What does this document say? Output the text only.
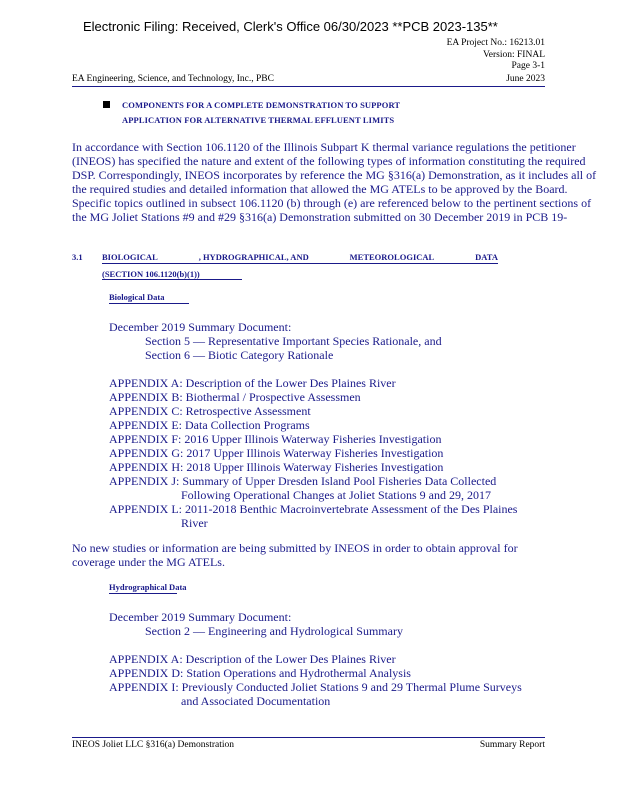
Electronic Filing: Received, Clerk's Office 06/30/2023 **PCB 2023-135**
EA Project No.: 16213.01
Version: FINAL
Page 3-1
EA Engineering, Science, and Technology, Inc., PBC	June 2023
COMPONENTS FOR A COMPLETE DEMONSTRATION TO SUPPORT
APPLICATION FOR ALTERNATIVE THERMAL EFFLUENT LIMITS

In accordance with Section 106.1120 of the Illinois Subpart K thermal variance regulations the petitioner (INEOS) has specified the nature and extent of the following types of information constituting the required DSP. Correspondingly, INEOS incorporates by reference the MG §316(a) Demonstration, as it includes all of the required studies and detailed information that allowed the MG ATELs to be approved by the Board. Specific topics outlined in subsect 106.1120 (b) through (e) are referenced below to the pertinent sections of the MG Joliet Stations #9 and #29 §316(a) Demonstration submitted on 30 December 2019 in PCB 19-

3.1 BIOLOGICAL	, HYDROGRAPHICAL, AND	METEOROLOGICAL	DATA
(SECTION 106.1120(b)(1))
Biological Data
December 2019 Summary Document:
Section 5 — Representative Important Species Rationale, and
Section 6 — Biotic Category Rationale
APPENDIX A: Description of the Lower Des Plaines River
APPENDIX B: Biothermal / Prospective Assessmen
APPENDIX C: Retrospective Assessment
APPENDIX E: Data Collection Programs
APPENDIX F: 2016 Upper Illinois Waterway Fisheries Investigation
APPENDIX G: 2017 Upper Illinois Waterway Fisheries Investigation
APPENDIX H: 2018 Upper Illinois Waterway Fisheries Investigation
APPENDIX J: Summary of Upper Dresden Island Pool Fisheries Data Collected
Following Operational Changes at Joliet Stations 9 and 29, 2017
APPENDIX L: 2011-2018 Benthic Macroinvertebrate Assessment of the Des Plaines
River
No new studies or information are being submitted by INEOS in order to obtain approval for coverage under the MG ATELs.
Hydrographical Data
December 2019 Summary Document:
Section 2 — Engineering and Hydrological Summary
APPENDIX A: Description of the Lower Des Plaines River
APPENDIX D: Station Operations and Hydrothermal Analysis
APPENDIX I: Previously Conducted Joliet Stations 9 and 29 Thermal Plume Surveys
and Associated Documentation
INEOS Joliet LLC §316(a) Demonstration	Summary Report
